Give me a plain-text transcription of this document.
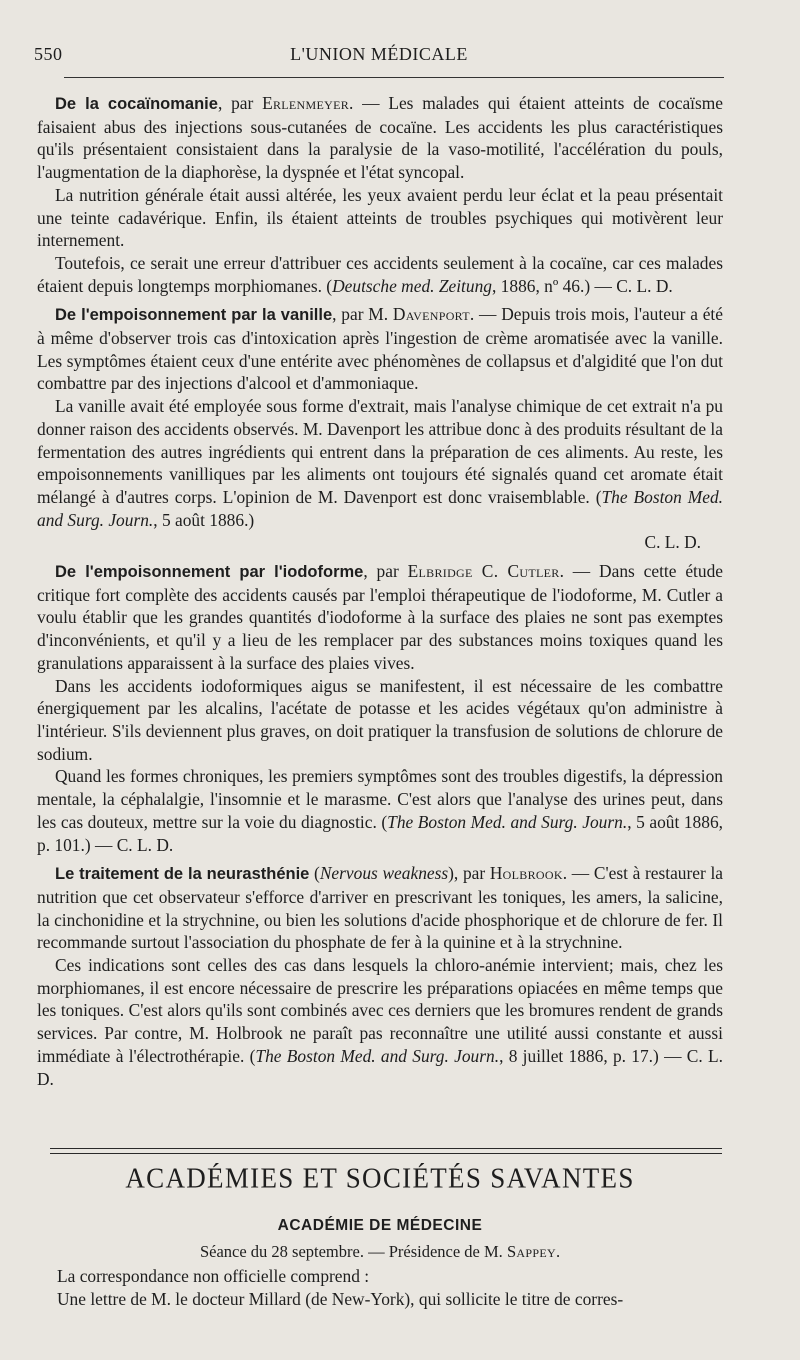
550	L'UNION MÉDICALE

De la cocaïnomanie, par Erlenmeyer. — Les malades qui étaient atteints de cocaïsme faisaient abus des injections sous-cutanées de cocaïne. Les accidents les plus caractéristiques qu'ils présentaient consistaient dans la paralysie de la vaso-motilité, l'accélération du pouls, l'augmentation de la diaphorèse, la dyspnée et l'état syncopal.

La nutrition générale était aussi altérée, les yeux avaient perdu leur éclat et la peau présentait une teinte cadavérique. Enfin, ils étaient atteints de troubles psychiques qui motivèrent leur internement.

Toutefois, ce serait une erreur d'attribuer ces accidents seulement à la cocaïne, car ces malades étaient depuis longtemps morphiomanes. (Deutsche med. Zeitung, 1886, nº 46.) — C. L. D.

De l'empoisonnement par la vanille, par M. Davenport. — Depuis trois mois, l'auteur a été à même d'observer trois cas d'intoxication après l'ingestion de crème aromatisée avec la vanille. Les symptômes étaient ceux d'une entérite avec phénomènes de collapsus et d'algidité que l'on dut combattre par des injections d'alcool et d'ammoniaque.

La vanille avait été employée sous forme d'extrait, mais l'analyse chimique de cet extrait n'a pu donner raison des accidents observés. M. Davenport les attribue donc à des produits résultant de la fermentation des autres ingrédients qui entrent dans la préparation de ces aliments. Au reste, les empoisonnements vanilliques par les aliments ont toujours été signalés quand cet aromate était mélangé à d'autres corps. L'opinion de M. Davenport est donc vraisemblable. (The Boston Med. and Surg. Journ., 5 août 1886.)

C. L. D.

De l'empoisonnement par l'iodoforme, par Elbridge C. Cutler. — Dans cette étude critique fort complète des accidents causés par l'emploi thérapeutique de l'iodoforme, M. Cutler a voulu établir que les grandes quantités d'iodoforme à la surface des plaies ne sont pas exemptes d'inconvénients, et qu'il y a lieu de les remplacer par des substances moins toxiques quand les granulations apparaissent à la surface des plaies vives.

Dans les accidents iodoformiques aigus se manifestent, il est nécessaire de les combattre énergiquement par les alcalins, l'acétate de potasse et les acides végétaux qu'on administre à l'intérieur. S'ils deviennent plus graves, on doit pratiquer la transfusion de solutions de chlorure de sodium.

Quand les formes chroniques, les premiers symptômes sont des troubles digestifs, la dépression mentale, la céphalalgie, l'insomnie et le marasme. C'est alors que l'analyse des urines peut, dans les cas douteux, mettre sur la voie du diagnostic. (The Boston Med. and Surg. Journ., 5 août 1886, p. 101.) — C. L. D.

Le traitement de la neurasthénie (Nervous weakness), par Holbrook. — C'est à restaurer la nutrition que cet observateur s'efforce d'arriver en prescrivant les toniques, les amers, la salicine, la cinchonidine et la strychnine, ou bien les solutions d'acide phosphorique et de chlorure de fer. Il recommande surtout l'association du phosphate de fer à la quinine et à la strychnine.

Ces indications sont celles des cas dans lesquels la chloro-anémie intervient; mais, chez les morphiomanes, il est encore nécessaire de prescrire les préparations opiacées en même temps que les toniques. C'est alors qu'ils sont combinés avec ces derniers que les bromures rendent de grands services. Par contre, M. Holbrook ne paraît pas reconnaître une utilité aussi constante et aussi immédiate à l'électrothérapie. (The Boston Med. and Surg. Journ., 8 juillet 1886, p. 17.) — C. L. D.

ACADÉMIES ET SOCIÉTÉS SAVANTES
ACADÉMIE DE MÉDECINE
Séance du 28 septembre. — Présidence de M. Sappey.

La correspondance non officielle comprend :

Une lettre de M. le docteur Millard (de New-York), qui sollicite le titre de corres-
